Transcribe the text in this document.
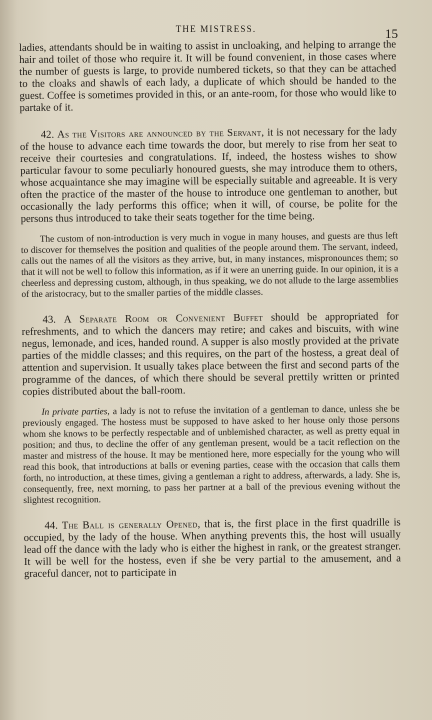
THE MISTRESS.	15

ladies, attendants should be in waiting to assist in uncloaking, and helping to arrange the hair and toilet of those who require it. It will be found convenient, in those cases where the number of guests is large, to provide numbered tickets, so that they can be attached to the cloaks and shawls of each lady, a duplicate of which should be handed to the guest. Coffee is sometimes provided in this, or an ante-room, for those who would like to partake of it.

42. As the Visitors are announced by the Servant, it is not necessary for the lady of the house to advance each time towards the door, but merely to rise from her seat to receive their courtesies and congratulations. If, indeed, the hostess wishes to show particular favour to some peculiarly honoured guests, she may introduce them to others, whose acquaintance she may imagine will be especially suitable and agreeable. It is very often the practice of the master of the house to introduce one gentleman to another, but occasionally the lady performs this office; when it will, of course, be polite for the persons thus introduced to take their seats together for the time being.

The custom of non-introduction is very much in vogue in many houses, and guests are thus left to discover for themselves the position and qualities of the people around them. The servant, indeed, calls out the names of all the visitors as they arrive, but, in many instances, mispronounces them; so that it will not be well to follow this information, as if it were an unerring guide. In our opinion, it is a cheerless and depressing custom, although, in thus speaking, we do not allude to the large assemblies of the aristocracy, but to the smaller parties of the middle classes.

43. A Separate Room or Convenient Buffet should be appropriated for refreshments, and to which the dancers may retire; and cakes and biscuits, with wine negus, lemonade, and ices, handed round. A supper is also mostly provided at the private parties of the middle classes; and this requires, on the part of the hostess, a great deal of attention and supervision. It usually takes place between the first and second parts of the programme of the dances, of which there should be several prettily written or printed copies distributed about the ball-room.

In private parties, a lady is not to refuse the invitation of a gentleman to dance, unless she be previously engaged. The hostess must be supposed to have asked to her house only those persons whom she knows to be perfectly respectable and of unblemished character, as well as pretty equal in position; and thus, to decline the offer of any gentleman present, would be a tacit reflection on the master and mistress of the house. It may be mentioned here, more especially for the young who will read this book, that introductions at balls or evening parties, cease with the occasion that calls them forth, no introduction, at these times, giving a gentleman a right to address, afterwards, a lady. She is, consequently, free, next morning, to pass her partner at a ball of the previous evening without the slightest recognition.

44. The Ball is generally Opened, that is, the first place in the first quadrille is occupied, by the lady of the house. When anything prevents this, the host will usually lead off the dance with the lady who is either the highest in rank, or the greatest stranger. It will be well for the hostess, even if she be very partial to the amusement, and a graceful dancer, not to participate in
